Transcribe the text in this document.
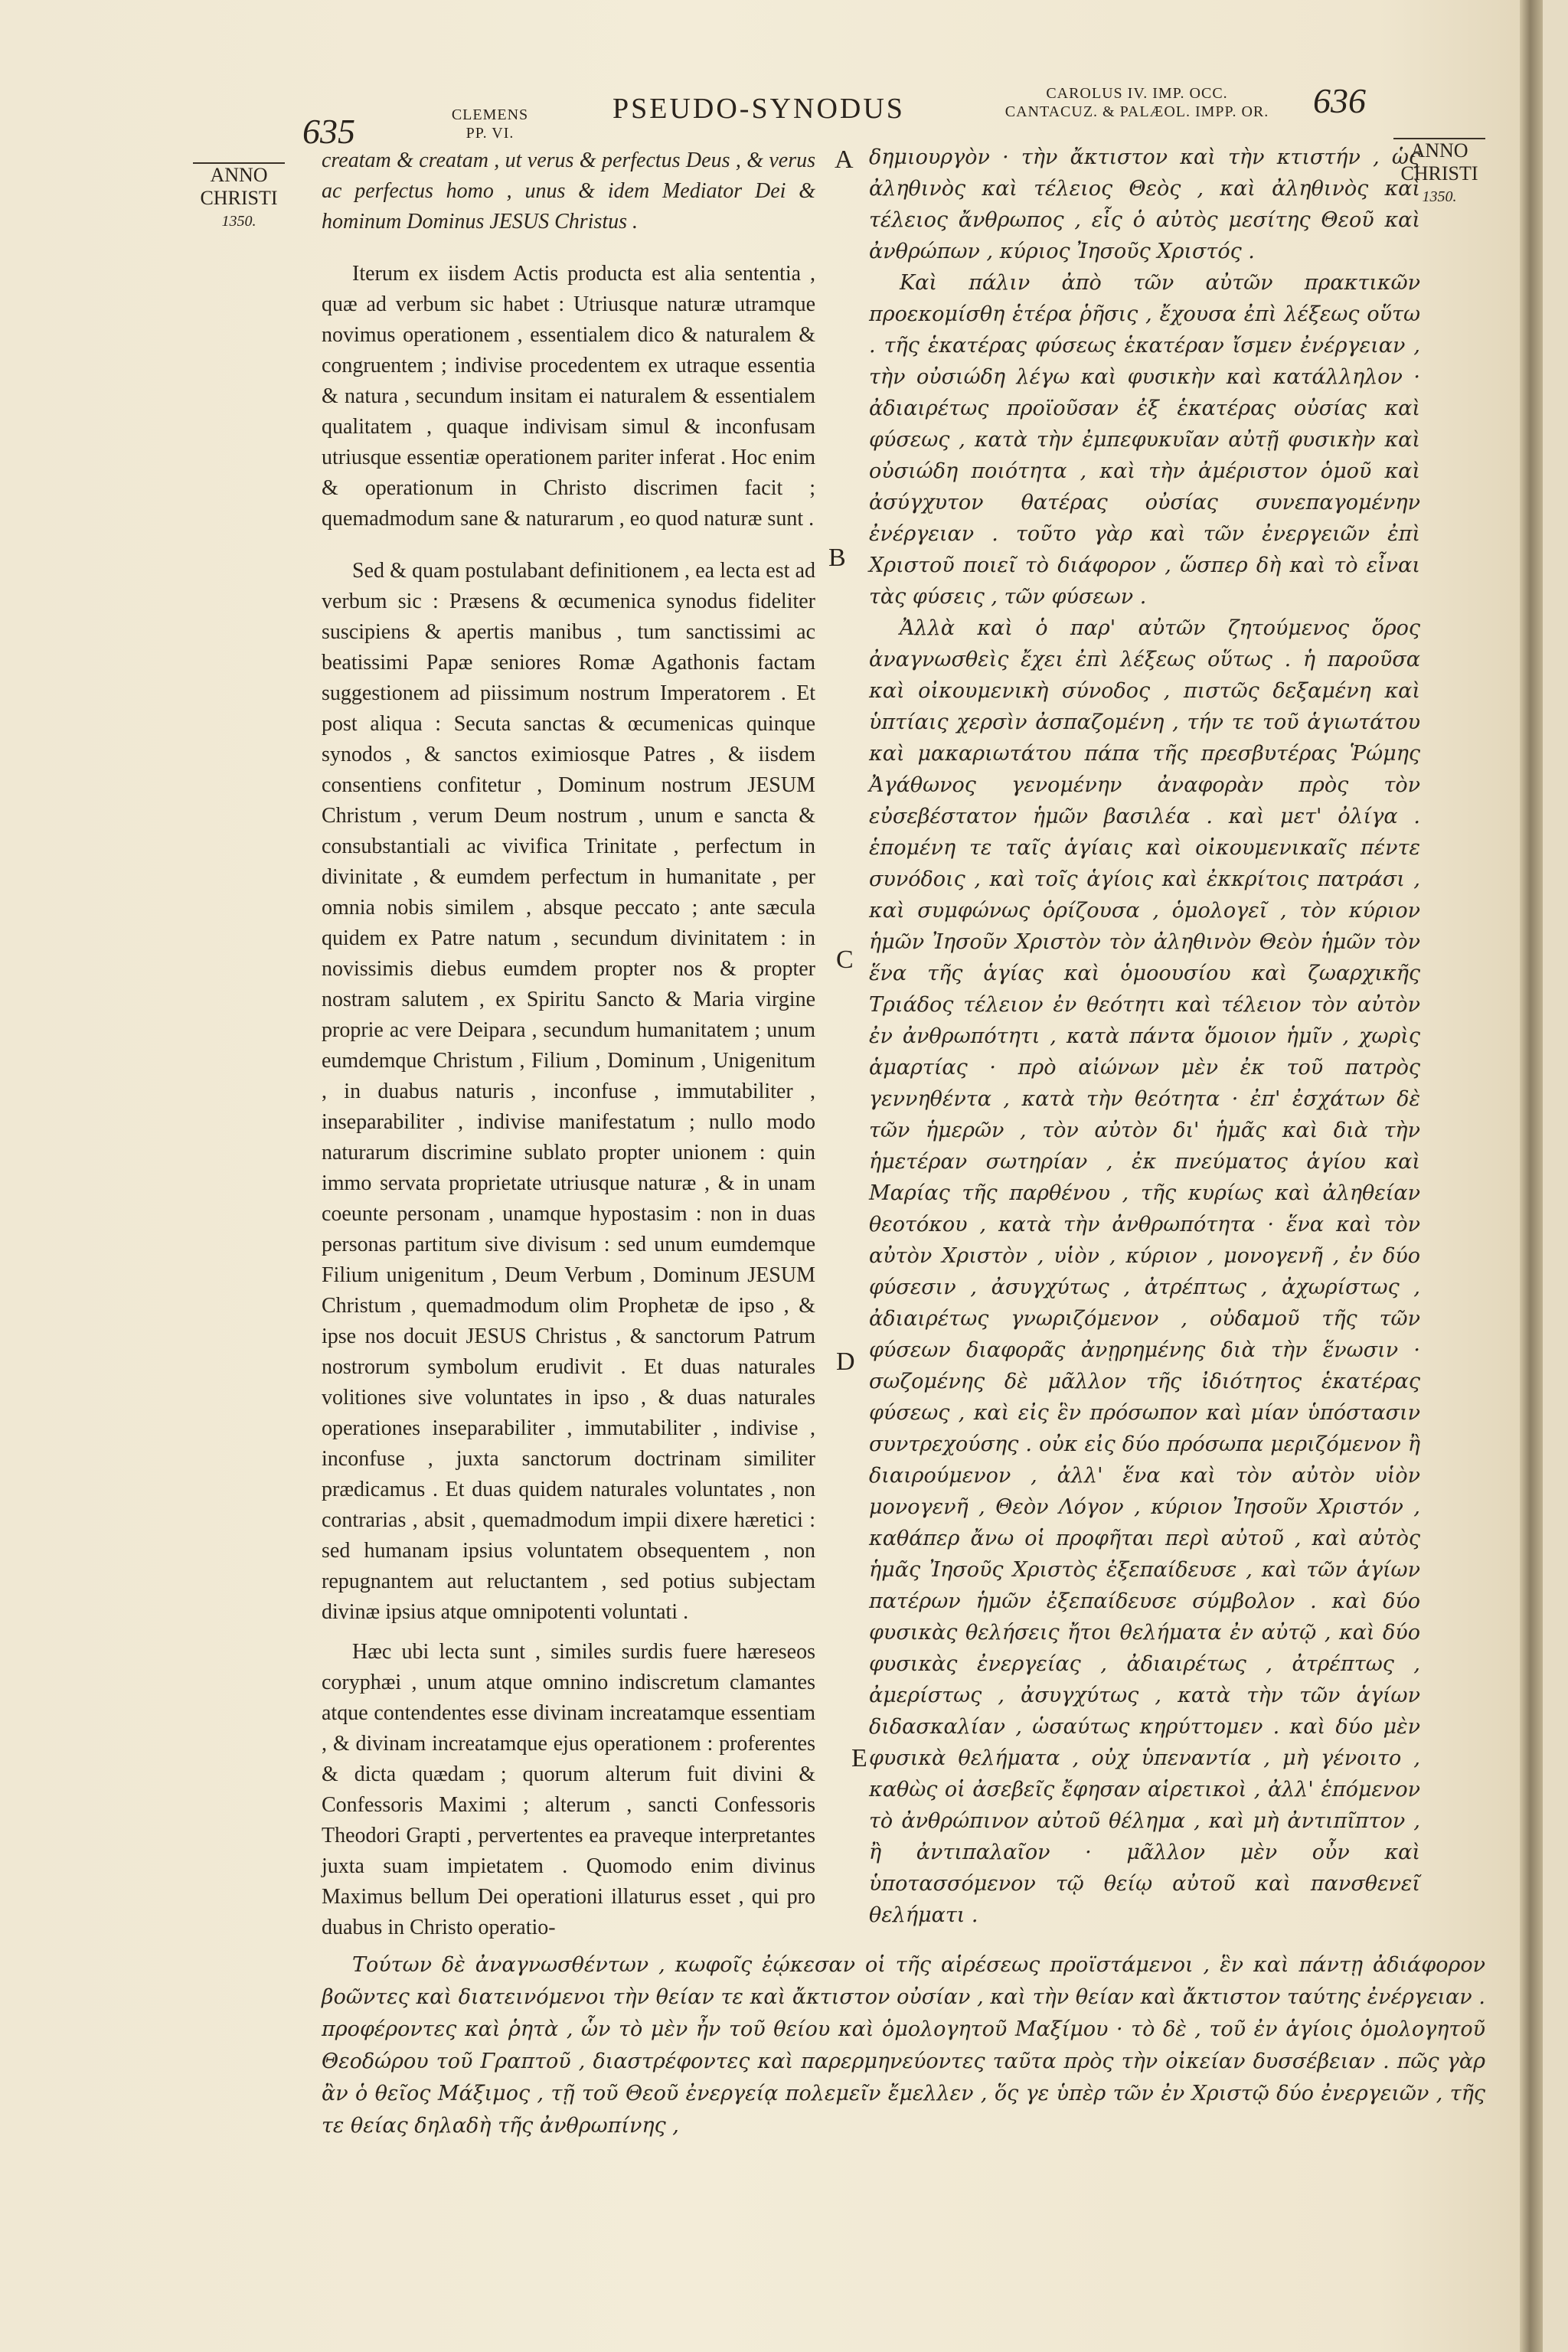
635	CLEMENS
PP. VI.
PSEUDO-SYNODUS	CAROLUS IV. IMP. OCC.
CANTACUZ. & PALÆOL. IMPP. OR.	636
ANNO
CHRISTI
1350.
ANNO
CHRISTI
1350.
A
B
C
D
E

creatam & creatam , ut verus & perfectus Deus , & verus ac perfectus homo , unus & idem Mediator Dei & hominum Dominus JESUS Christus .

Iterum ex iisdem Actis producta est alia sententia , quæ ad verbum sic habet : Utriusque naturæ utramque novimus operationem , essentialem dico & naturalem & congruentem ; indivise procedentem ex utraque essentia & natura , secundum insitam ei naturalem & essentialem qualitatem , quaque indivisam simul & inconfusam utriusque essentiæ operationem pariter inferat . Hoc enim & operationum in Christo discrimen facit ; quemadmodum sane & naturarum , eo quod naturæ sunt .

Sed & quam postulabant definitionem , ea lecta est ad verbum sic : Præsens & œcumenica synodus fideliter suscipiens & apertis manibus , tum sanctissimi ac beatissimi Papæ seniores Romæ Agathonis factam suggestionem ad piissimum nostrum Imperatorem . Et post aliqua : Secuta sanctas & œcumenicas quinque synodos , & sanctos eximiosque Patres , & iisdem consentiens confitetur , Dominum nostrum JESUM Christum , verum Deum nostrum , unum e sancta & consubstantiali ac vivifica Trinitate , perfectum in divinitate , & eumdem perfectum in humanitate , per omnia nobis similem , absque peccato ; ante sæcula quidem ex Patre natum , secundum divinitatem : in novissimis diebus eumdem propter nos & propter nostram salutem , ex Spiritu Sancto & Maria virgine proprie ac vere Deipara , secundum humanitatem ; unum eumdemque Christum , Filium , Dominum , Unigenitum , in duabus naturis , inconfuse , immutabiliter , inseparabiliter , indivise manifestatum ; nullo modo naturarum discrimine sublato propter unionem : quin immo servata proprietate utriusque naturæ , & in unam coeunte personam , unamque hypostasim : non in duas personas partitum sive divisum : sed unum eumdemque Filium unigenitum , Deum Verbum , Dominum JESUM Christum , quemadmodum olim Prophetæ de ipso , & ipse nos docuit JESUS Christus , & sanctorum Patrum nostrorum symbolum erudivit . Et duas naturales volitiones sive voluntates in ipso , & duas naturales operationes inseparabiliter , immutabiliter , indivise , inconfuse , juxta sanctorum doctrinam similiter prædicamus . Et duas quidem naturales voluntates , non contrarias , absit , quemadmodum impii dixere hæretici : sed humanam ipsius voluntatem obsequentem , non repugnantem aut reluctantem , sed potius subjectam divinæ ipsius atque omnipotenti voluntati .

Hæc ubi lecta sunt , similes surdis fuere hæreseos coryphæi , unum atque omnino indiscretum clamantes atque contendentes esse divinam increatamque essentiam , & divinam increatamque ejus operationem : proferentes & dicta quædam ; quorum alterum fuit divini & Confessoris Maximi ; alterum , sancti Confessoris Theodori Grapti , pervertentes ea praveque interpretantes juxta suam impietatem . Quomodo enim divinus Maximus bellum Dei operationi illaturus esset , qui pro duabus in Christo operatio-

δημιουργὸν · τὴν ἄκτιστον καὶ τὴν κτιστήν , ὡς ἀληθινὸς καὶ τέλειος Θεὸς , καὶ ἀληθινὸς καὶ τέλειος ἄνθρωπος , εἷς ὁ αὐτὸς μεσίτης Θεοῦ καὶ ἀνθρώπων , κύριος Ἰησοῦς Χριστός .

Καὶ πάλιν ἀπὸ τῶν αὐτῶν πρακτικῶν προεκομίσθη ἑτέρα ῥῆσις , ἔχουσα ἐπὶ λέξεως οὕτω . τῆς ἑκατέρας φύσεως ἑκατέραν ἴσμεν ἐνέργειαν , τὴν οὐσιώδη λέγω καὶ φυσικὴν καὶ κατάλληλον · ἀδιαιρέτως προϊοῦσαν ἐξ ἑκατέρας οὐσίας καὶ φύσεως , κατὰ τὴν ἐμπεφυκυῖαν αὐτῇ φυσικὴν καὶ οὐσιώδη ποιότητα , καὶ τὴν ἀμέριστον ὁμοῦ καὶ ἀσύγχυτον θατέρας οὐσίας συνεπαγομένην ἐνέργειαν . τοῦτο γὰρ καὶ τῶν ἐνεργειῶν ἐπὶ Χριστοῦ ποιεῖ τὸ διάφορον , ὥσπερ δὴ καὶ τὸ εἶναι τὰς φύσεις , τῶν φύσεων .

Ἀλλὰ καὶ ὁ παρ' αὐτῶν ζητούμενος ὅρος ἀναγνωσθεὶς ἔχει ἐπὶ λέξεως οὕτως . ἡ παροῦσα καὶ οἰκουμενικὴ σύνοδος , πιστῶς δεξαμένη καὶ ὑπτίαις χερσὶν ἀσπαζομένη , τήν τε τοῦ ἁγιωτάτου καὶ μακαριωτάτου πάπα τῆς πρεσβυτέρας Ῥώμης Ἀγάθωνος γενομένην ἀναφορὰν πρὸς τὸν εὐσεβέστατον ἡμῶν βασιλέα . καὶ μετ' ὀλίγα . ἑπομένη τε ταῖς ἁγίαις καὶ οἰκουμενικαῖς πέντε συνόδοις , καὶ τοῖς ἁγίοις καὶ ἐκκρίτοις πατράσι , καὶ συμφώνως ὁρίζουσα , ὁμολογεῖ , τὸν κύριον ἡμῶν Ἰησοῦν Χριστὸν τὸν ἀληθινὸν Θεὸν ἡμῶν τὸν ἕνα τῆς ἁγίας καὶ ὁμοουσίου καὶ ζωαρχικῆς Τριάδος τέλειον ἐν θεότητι καὶ τέλειον τὸν αὐτὸν ἐν ἀνθρωπότητι , κατὰ πάντα ὅμοιον ἡμῖν , χωρὶς ἁμαρτίας · πρὸ αἰώνων μὲν ἐκ τοῦ πατρὸς γεννηθέντα , κατὰ τὴν θεότητα · ἐπ' ἐσχάτων δὲ τῶν ἡμερῶν , τὸν αὐτὸν δι' ἡμᾶς καὶ διὰ τὴν ἡμετέραν σωτηρίαν , ἐκ πνεύματος ἁγίου καὶ Μαρίας τῆς παρθένου , τῆς κυρίως καὶ ἀληθείαν θεοτόκου , κατὰ τὴν ἀνθρωπότητα · ἕνα καὶ τὸν αὐτὸν Χριστὸν , υἱὸν , κύριον , μονογενῆ , ἐν δύο φύσεσιν , ἀσυγχύτως , ἀτρέπτως , ἀχωρίστως , ἀδιαιρέτως γνωριζόμενον , οὐδαμοῦ τῆς τῶν φύσεων διαφορᾶς ἀνῃρημένης διὰ τὴν ἕνωσιν · σωζομένης δὲ μᾶλλον τῆς ἰδιότητος ἑκατέρας φύσεως , καὶ εἰς ἓν πρόσωπον καὶ μίαν ὑπόστασιν συντρεχούσης . οὐκ εἰς δύο πρόσωπα μεριζόμενον ἢ διαιρούμενον , ἀλλ' ἕνα καὶ τὸν αὐτὸν υἱὸν μονογενῆ , Θεὸν Λόγον , κύριον Ἰησοῦν Χριστόν , καθάπερ ἄνω οἱ προφῆται περὶ αὐτοῦ , καὶ αὐτὸς ἡμᾶς Ἰησοῦς Χριστὸς ἐξεπαίδευσε , καὶ τῶν ἁγίων πατέρων ἡμῶν ἐξεπαίδευσε σύμβολον . καὶ δύο φυσικὰς θελήσεις ἤτοι θελήματα ἐν αὐτῷ , καὶ δύο φυσικὰς ἐνεργείας , ἀδιαιρέτως , ἀτρέπτως , ἀμερίστως , ἀσυγχύτως , κατὰ τὴν τῶν ἁγίων διδασκαλίαν , ὡσαύτως κηρύττομεν . καὶ δύο μὲν φυσικὰ θελήματα , οὐχ ὑπεναντία , μὴ γένοιτο , καθὼς οἱ ἀσεβεῖς ἔφησαν αἱρετικοὶ , ἀλλ' ἑπόμενον τὸ ἀνθρώπινον αὐτοῦ θέλημα , καὶ μὴ ἀντιπῖπτον , ἢ ἀντιπαλαῖον · μᾶλλον μὲν οὖν καὶ ὑποτασσόμενον τῷ θείῳ αὐτοῦ καὶ πανσθενεῖ θελήματι .

Τούτων δὲ ἀναγνωσθέντων , κωφοῖς ἐῴκεσαν οἱ τῆς αἱρέσεως προϊστάμενοι , ἓν καὶ πάντῃ ἀδιάφορον βοῶντες καὶ διατεινόμενοι τὴν θείαν τε καὶ ἄκτιστον οὐσίαν , καὶ τὴν θείαν καὶ ἄκτιστον ταύτης ἐνέργειαν . προφέροντες καὶ ῥητὰ , ὧν τὸ μὲν ἦν τοῦ θείου καὶ ὁμολογητοῦ Μαξίμου · τὸ δὲ , τοῦ ἐν ἁγίοις ὁμολογητοῦ Θεοδώρου τοῦ Γραπτοῦ , διαστρέφοντες καὶ παρερμηνεύοντες ταῦτα πρὸς τὴν οἰκείαν δυσσέβειαν . πῶς γὰρ ἂν ὁ θεῖος Μάξιμος , τῇ τοῦ Θεοῦ ἐνεργείᾳ πολεμεῖν ἔμελλεν , ὅς γε ὑπὲρ τῶν ἐν Χριστῷ δύο ἐνεργειῶν , τῆς τε θείας δηλαδὴ τῆς ἀνθρωπίνης ,
